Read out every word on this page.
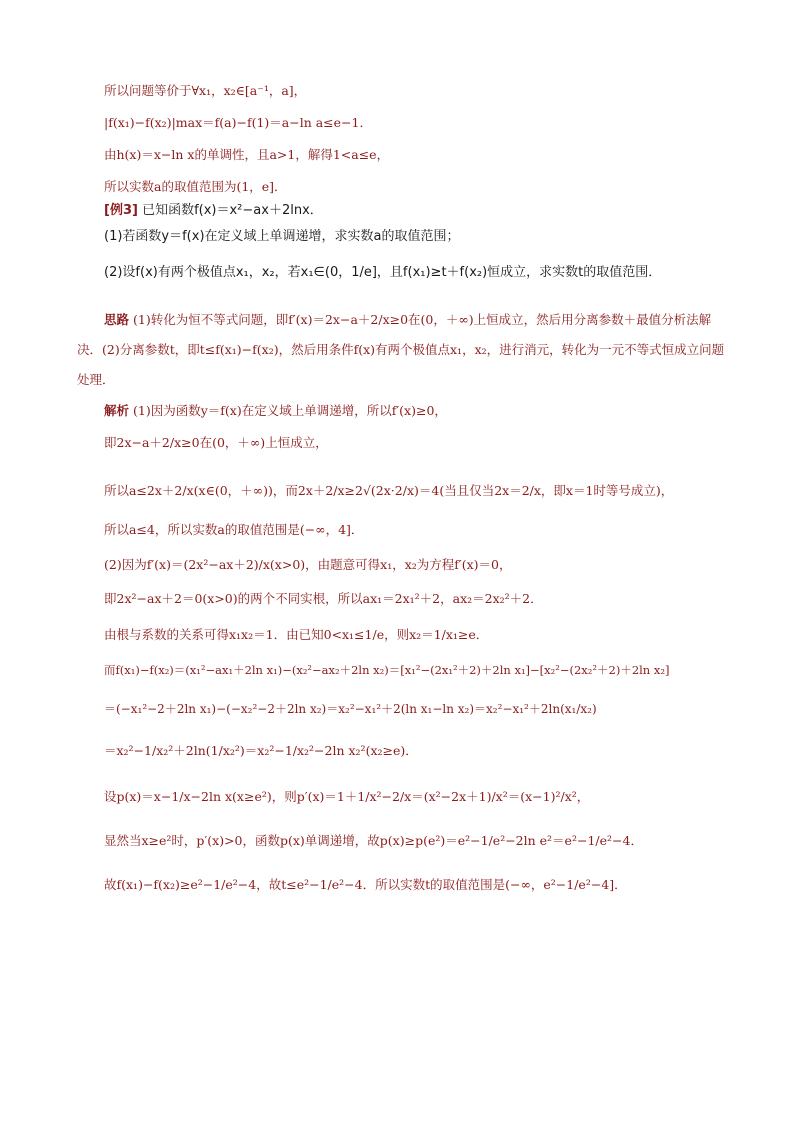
所以问题等价于∀x₁，x₂∈[a⁻¹，a]，
|f(x₁)−f(x₂)|max＝f(a)−f(1)＝a−ln a≤e−1．
由h(x)＝x−ln x的单调性，且a>1，解得1<a≤e，
所以实数a的取值范围为(1，e]．
[例3] 已知函数f(x)＝x²−ax＋2lnx．
(1)若函数y＝f(x)在定义域上单调递增，求实数a的取值范围；
(2)设f(x)有两个极值点x₁，x₂，若x₁∈(0，1/e]，且f(x₁)≥t＋f(x₂)恒成立，求实数t的取值范围．
思路 (1)转化为恒不等式问题，即f′(x)＝2x−a＋2/x≥0在(0，＋∞)上恒成立，然后用分离参数＋最值分析法解决．(2)分离参数t，即t≤f(x₁)−f(x₂)，然后用条件f(x)有两个极值点x₁，x₂，进行消元，转化为一元不等式恒成立问题处理．
解析 (1)因为函数y＝f(x)在定义域上单调递增，所以f′(x)≥0，
即2x−a＋2/x≥0在(0，＋∞)上恒成立，
所以a≤2x＋2/x(x∈(0，＋∞))，而2x＋2/x≥2√(2x·2/x)＝4(当且仅当2x＝2/x，即x＝1时等号成立)，
所以a≤4，所以实数a的取值范围是(−∞，4]．
(2)因为f′(x)＝(2x²−ax＋2)/x(x>0)，由题意可得x₁，x₂为方程f′(x)＝0，
即2x²−ax＋2＝0(x>0)的两个不同实根，所以ax₁＝2x₁²＋2，ax₂＝2x₂²＋2．
由根与系数的关系可得x₁x₂＝1．由已知0<x₁≤1/e，则x₂＝1/x₁≥e．
而f(x₁)−f(x₂)＝(x₁²−ax₁＋2ln x₁)−(x₂²−ax₂＋2ln x₂)＝[x₁²−(2x₁²＋2)＋2ln x₁]−[x₂²−(2x₂²＋2)＋2ln x₂]
＝(−x₁²−2＋2ln x₁)−(−x₂²−2＋2ln x₂)＝x₂²−x₁²＋2(ln x₁−ln x₂)＝x₂²−x₁²＋2ln(x₁/x₂)
＝x₂²−1/x₂²＋2ln(1/x₂²)＝x₂²−1/x₂²−2ln x₂²(x₂≥e)．
设p(x)＝x−1/x−2ln x(x≥e²)，则p′(x)＝1＋1/x²−2/x＝(x²−2x＋1)/x²＝(x−1)²/x²，
显然当x≥e²时，p′(x)>0，函数p(x)单调递增，故p(x)≥p(e²)＝e²−1/e²−2ln e²＝e²−1/e²−4．
故f(x₁)−f(x₂)≥e²−1/e²−4，故t≤e²−1/e²−4．所以实数t的取值范围是(−∞，e²−1/e²−4]．
